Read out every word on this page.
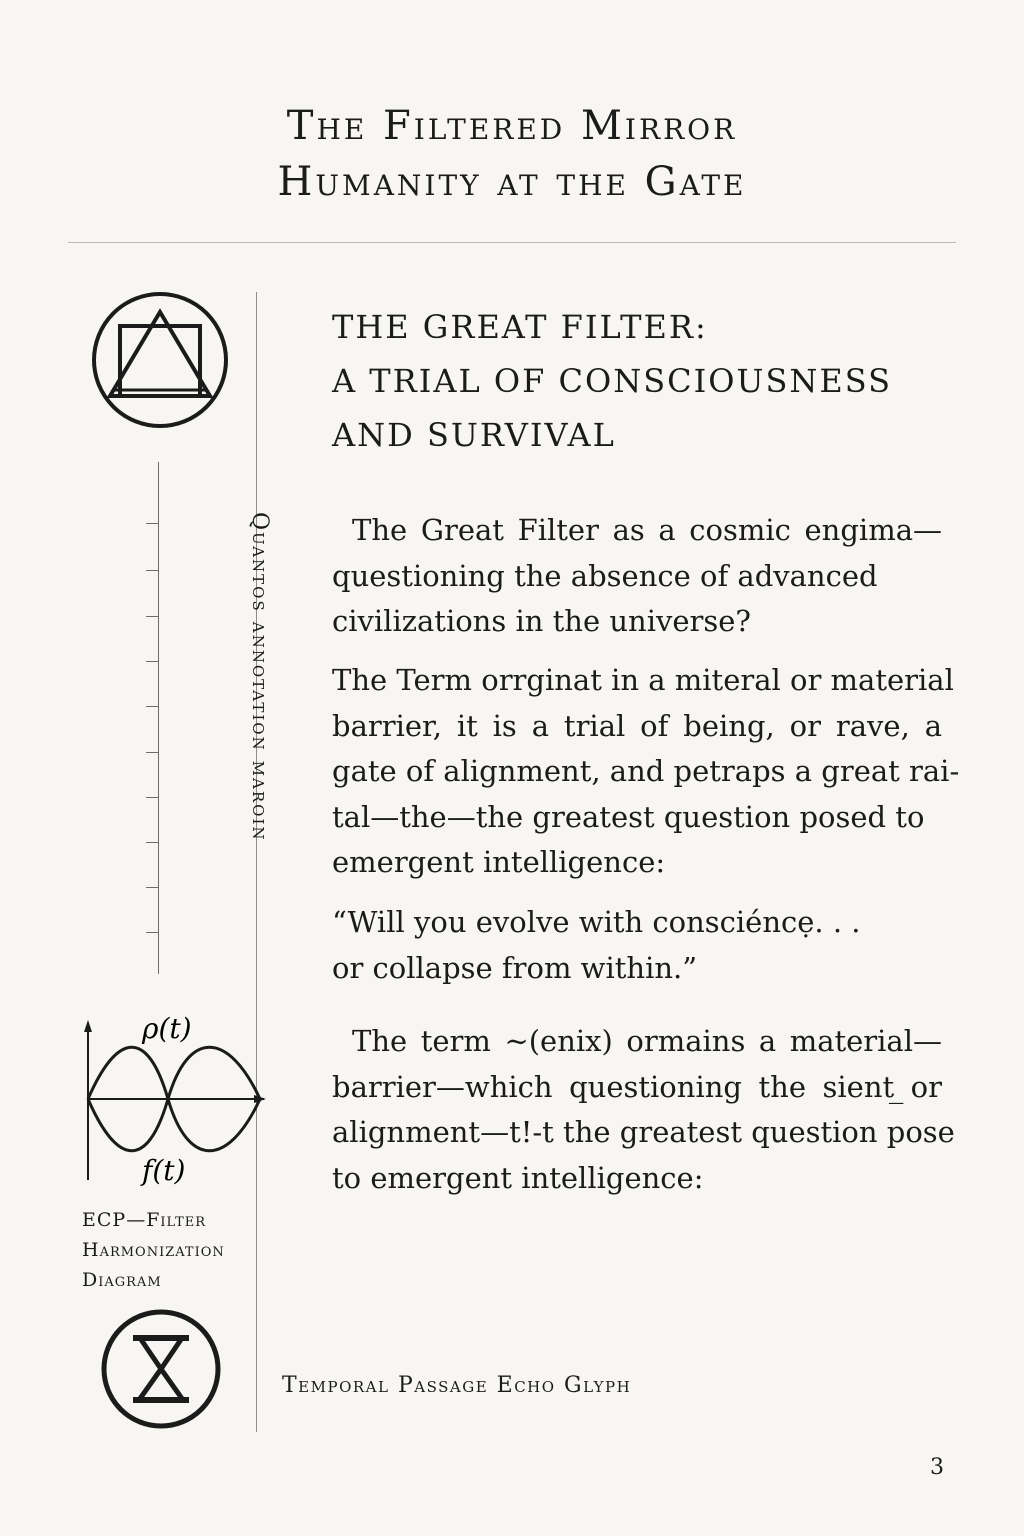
The Filtered Mirror
Humanity at the Gate
Quantos annotation maroin
ρ(t)
f(t)
ECP—Filter
Harmonization
Diagram
THE GREAT FILTER:
A TRIAL OF CONSCIOUSNESS
AND SURVIVAL
The Great Filter as a cosmic engima—
questioning the absence of advanced
civilizations in the universe?
The Term orrginat in a miteral or material
barrier, it is a trial of being, or rave, a
gate of alignment, and petraps a great rai-
tal—the—the greatest question posed to
emergent intelligence:
“Will you evolve with consciéncẹ. . .
or collapse from within.”
The term ∼(enix) ormains a material—
barrier—which questioning the sient ̲or
alignment—t!-t the greatest question pose
to emergent intelligence:
Temporal Passage Echo Glyph
3
